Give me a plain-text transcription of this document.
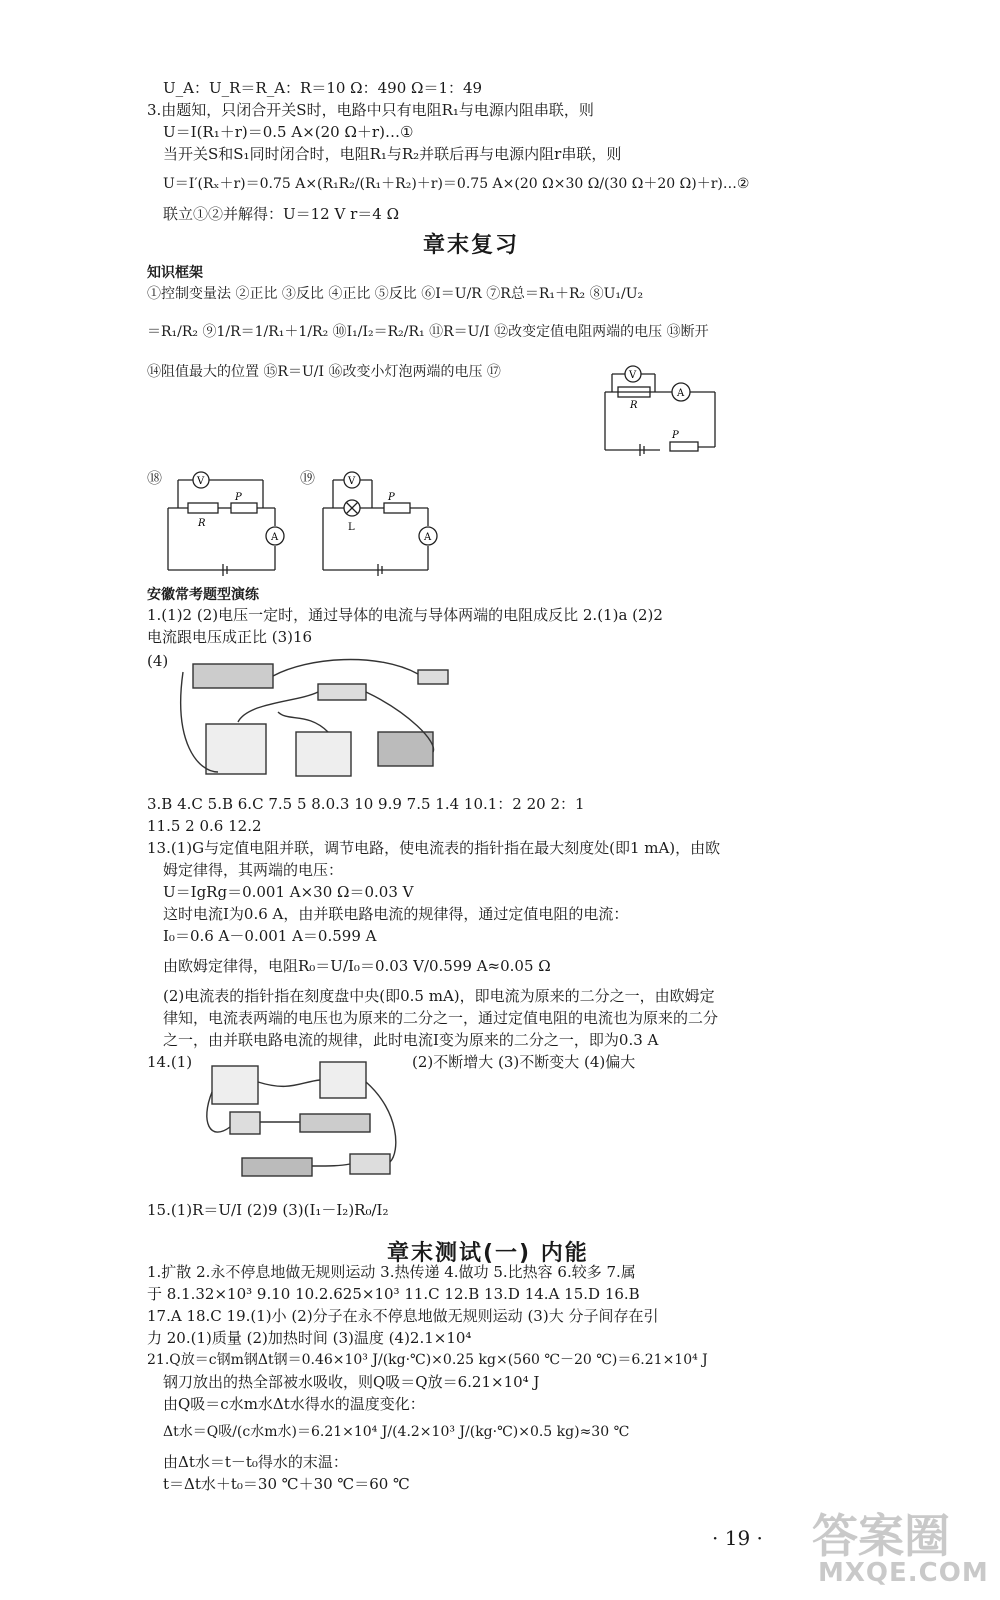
U_A：U_R＝R_A：R＝10 Ω：490 Ω＝1：49
3.由题知，只闭合开关S时，电路中只有电阻R₁与电源内阻串联，则
U＝I(R₁＋r)＝0.5 A×(20 Ω＋r)…①
当开关S和S₁同时闭合时，电阻R₁与R₂并联后再与电源内阻r串联，则
U＝I′(Rₓ＋r)＝0.75 A×(R₁R₂/(R₁＋R₂)＋r)＝0.75 A×(20 Ω×30 Ω/(30 Ω＋20 Ω)＋r)…②
联立①②并解得：U＝12 V r＝4 Ω
章末复习
知识框架
①控制变量法 ②正比 ③反比 ④正比 ⑤反比 ⑥I＝U/R ⑦R总＝R₁＋R₂ ⑧U₁/U₂
＝R₁/R₂ ⑨1/R＝1/R₁＋1/R₂ ⑩I₁/I₂＝R₂/R₁ ⑪R＝U/I ⑫改变定值电阻两端的电压 ⑬断开
⑭阻值最大的位置 ⑮R＝U/I ⑯改变小灯泡两端的电压 ⑰	V
A
R
P
⑱	V
A
R
P
⑲	V
A
L
P
安徽常考题型演练
1.(1)2 (2)电压一定时，通过导体的电流与导体两端的电阻成反比 2.(1)a (2)2
电流跟电压成正比 (3)16
(4)
3.B 4.C 5.B 6.C 7.5 5 8.0.3 10 9.9 7.5 1.4 10.1：2 20 2：1
11.5 2 0.6 12.2
13.(1)G与定值电阻并联，调节电路，使电流表的指针指在最大刻度处(即1 mA)，由欧
姆定律得，其两端的电压：
U＝IgRg＝0.001 A×30 Ω＝0.03 V
这时电流I为0.6 A，由并联电路电流的规律得，通过定值电阻的电流：
I₀＝0.6 A－0.001 A＝0.599 A
由欧姆定律得，电阻R₀＝U/I₀＝0.03 V/0.599 A≈0.05 Ω
(2)电流表的指针指在刻度盘中央(即0.5 mA)，即电流为原来的二分之一，由欧姆定
律知，电流表两端的电压也为原来的二分之一，通过定值电阻的电流也为原来的二分
之一，由并联电路电流的规律，此时电流I变为原来的二分之一，即为0.3 A
14.(1)	(2)不断增大 (3)不断变大 (4)偏大
15.(1)R＝U/I (2)9 (3)(I₁－I₂)R₀/I₂
章末测试(一) 内能
1.扩散 2.永不停息地做无规则运动 3.热传递 4.做功 5.比热容 6.较多 7.属
于 8.1.32×10³ 9.10 10.2.625×10³ 11.C 12.B 13.D 14.A 15.D 16.B
17.A 18.C 19.(1)小 (2)分子在永不停息地做无规则运动 (3)大 分子间存在引
力 20.(1)质量 (2)加热时间 (3)温度 (4)2.1×10⁴
21.Q放＝c钢m钢Δt钢＝0.46×10³ J/(kg·℃)×0.25 kg×(560 ℃－20 ℃)＝6.21×10⁴ J
钢刀放出的热全部被水吸收，则Q吸＝Q放＝6.21×10⁴ J
由Q吸＝c水m水Δt水得水的温度变化：
Δt水＝Q吸/(c水m水)＝6.21×10⁴ J/(4.2×10³ J/(kg·℃)×0.5 kg)≈30 ℃
由Δt水＝t－t₀得水的末温：
t＝Δt水＋t₀＝30 ℃＋30 ℃＝60 ℃
· 19 · 答案圈
MXQE.COM
